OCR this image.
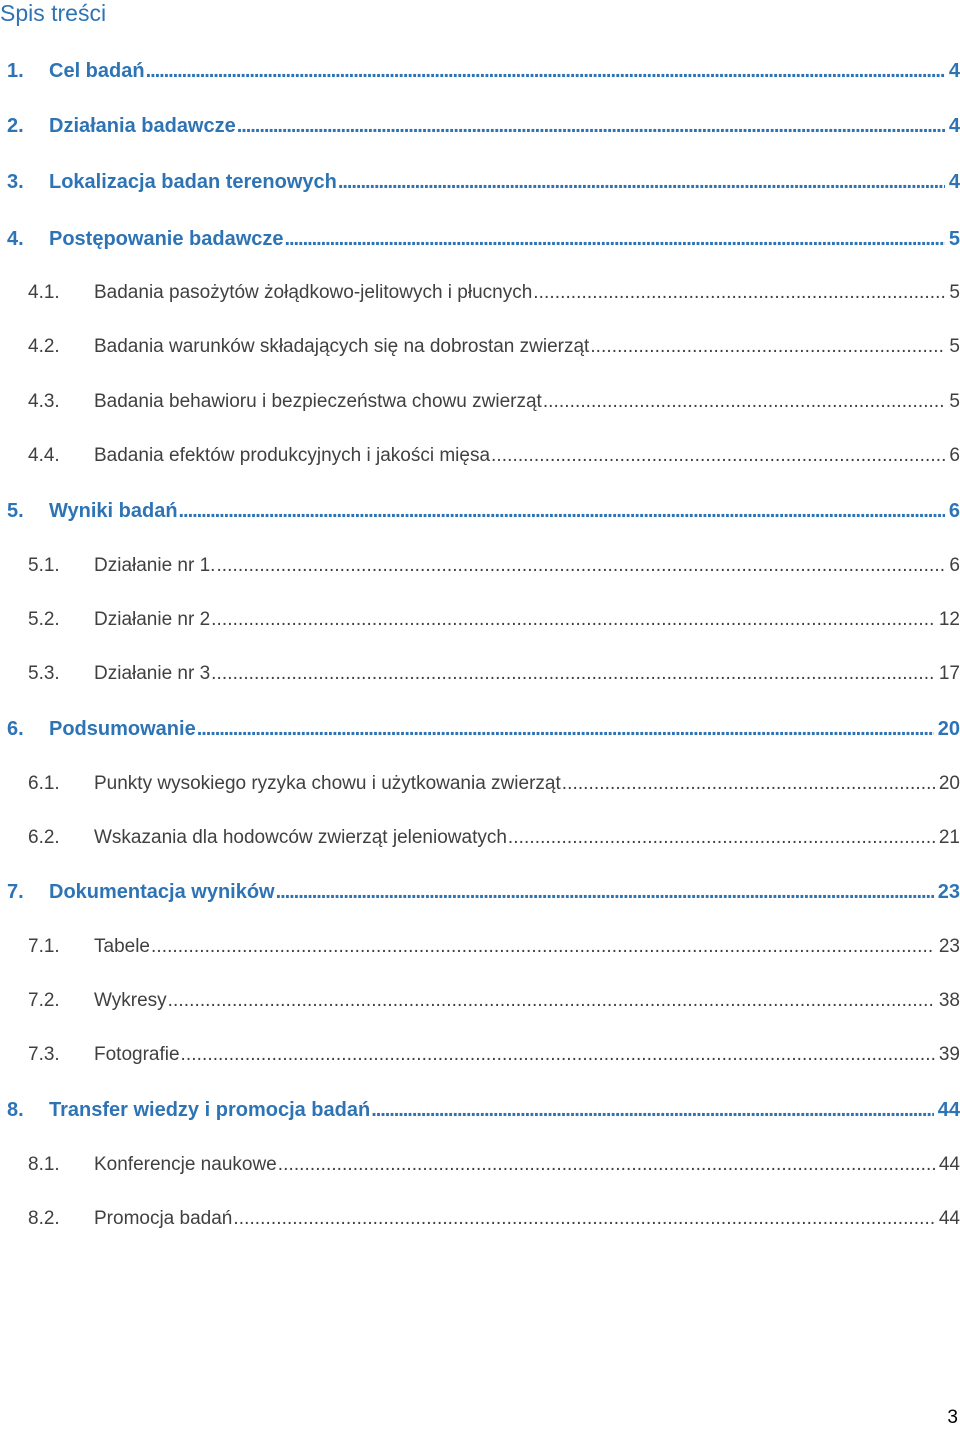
Spis treści
1.	Cel badań . . .	4
2.	Działania badawcze . . .	4
3.	Lokalizacja badan terenowych . . .	4
4.	Postępowanie badawcze . . .	5
4.1.	Badania pasożytów żołądkowo-jelitowych i płucnych . . .	5
4.2.	Badania warunków składających się na dobrostan zwierząt . . .	5
4.3.	Badania behawioru i bezpieczeństwa chowu zwierząt . . .	5
4.4.	Badania efektów produkcyjnych i jakości mięsa . . .	6
5.	Wyniki badań . . .	6
5.1.	Działanie nr 1. . . .	6
5.2.	Działanie nr 2 . . .	12
5.3.	Działanie nr 3 . . .	17
6.	Podsumowanie . . .	20
6.1.	Punkty wysokiego ryzyka chowu i użytkowania zwierząt . . .	20
6.2.	Wskazania dla hodowców zwierząt jeleniowatych . . .	21
7.	Dokumentacja wyników . . .	23
7.1.	Tabele . . .	23
7.2.	Wykresy . . .	38
7.3.	Fotografie . . .	39
8.	Transfer wiedzy i promocja badań . . .	44
8.1.	Konferencje naukowe . . .	44
8.2.	Promocja badań . . .	44
3
